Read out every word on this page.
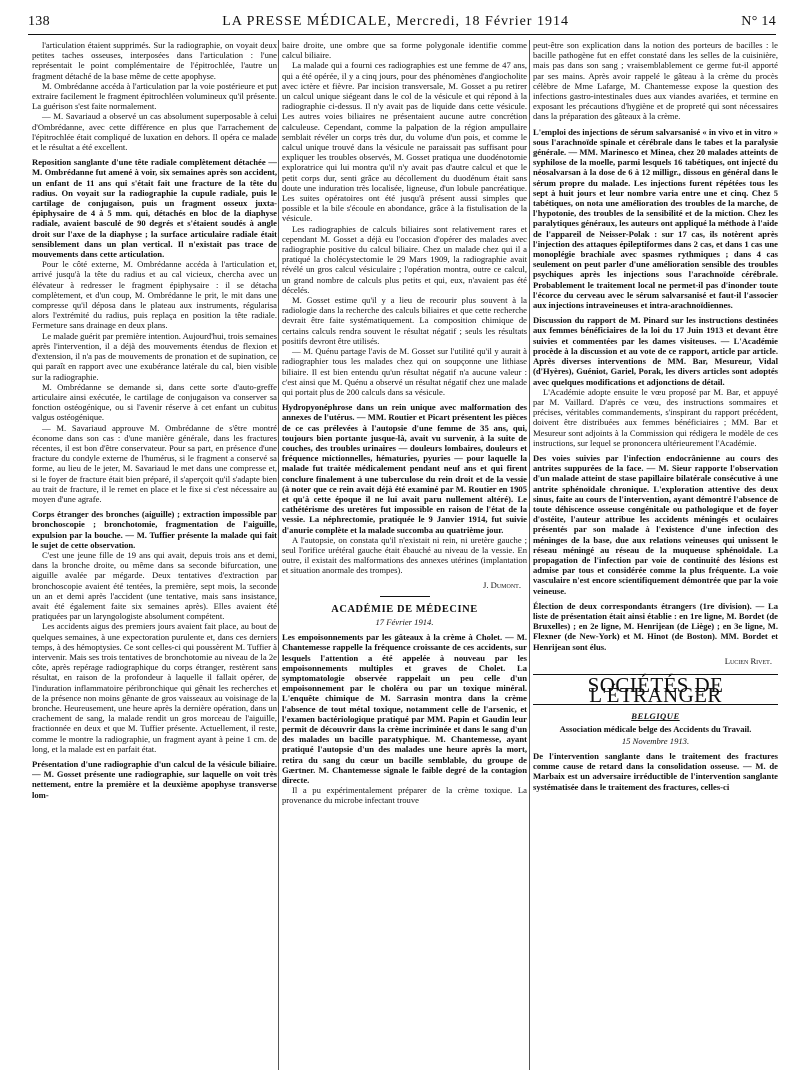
138	LA PRESSE MÉDICALE, Mercredi, 18 Février 1914	N° 14

l'articulation étaient supprimés. Sur la radiographie, on voyait deux petites taches osseuses, interposées dans l'articulation : l'une représentait le point complémentaire de l'épitrochlée, l'autre un fragment détaché de la base même de cette apophyse.

M. Ombrédanne accéda à l'articulation par la voie postérieure et put extraire facilement le fragment épitrochléen volumineux qu'il présente. La guérison s'est faite normalement.

— M. Savariaud a observé un cas absolument superposable à celui d'Ombrédanne, avec cette différence en plus que l'arrachement de l'épitrochlée était compliqué de luxation en dehors. Il opéra ce malade et le résultat a été excellent.

Reposition sanglante d'une tête radiale complètement détachée — M. Ombrédanne fut amené à voir, six semaines après son accident, un enfant de 11 ans qui s'était fait une fracture de la tête du radius. On voyait sur la radiographie la cupule radiale, puis le cartilage de conjugaison, puis un fragment osseux juxta-épiphysaire de 4 à 5 mm. qui, détachés en bloc de la diaphyse radiale, avaient basculé de 90 degrés et s'étaient soudés à angle droit sur l'axe de la diaphyse ; la surface articulaire radiale était sensiblement dans un plan vertical. Il n'existait pas trace de mouvements dans cette articulation.

Pour le côté externe, M. Ombrédanne accéda à l'articulation et, arrivé jusqu'à la tête du radius et au cal vicieux, chercha avec un élévateur à redresser le fragment épiphysaire : il se détacha complètement, et d'un coup, M. Ombrédanne le prit, le mit dans une compresse qu'il déposa dans le plateau aux instruments, régularisa alors l'extrémité du radius, puis replaça en position la tête radiale. Fermeture sans drainage en deux plans.

Le malade guérit par première intention. Aujourd'hui, trois semaines après l'intervention, il a déjà des mouvements étendus de flexion et d'extension, il n'a pas de mouvements de pronation et de supination, ce qui paraît en rapport avec une exubérance latérale du cal, bien visible sur la radiographie.

M. Ombrédanne se demande si, dans cette sorte d'auto-greffe articulaire ainsi exécutée, le cartilage de conjugaison va conserver sa fonction ostéogénique, ou si l'avenir réserve à cet enfant un cubitus valgus ostéogénique.

— M. Savariaud approuve M. Ombrédanne de s'être montré économe dans son cas : d'une manière générale, dans les fractures récentes, il est bon d'être conservateur. Pour sa part, en présence d'une fracture du condyle externe de l'humérus, si le fragment a conservé sa forme, au lieu de le jeter, M. Savariaud le met dans une compresse et, si le foyer de fracture était bien préparé, il s'aperçoit qu'il s'adapte bien au trait de fracture, il le remet en place et le fixe si c'est nécessaire au moyen d'une agrafe.

Corps étranger des bronches (aiguille) ; extraction impossible par bronchoscopie ; bronchotomie, fragmentation de l'aiguille, expulsion par la bouche. — M. Tuffier présente la malade qui fait le sujet de cette observation.

C'est une jeune fille de 19 ans qui avait, depuis trois ans et demi, dans la bronche droite, ou même dans sa seconde bifurcation, une aiguille avalée par mégarde. Deux tentatives d'extraction par bronchoscopie avaient été tentées, la première, sept mois, la seconde un an et demi après l'accident (une tentative, mais sans insistance, avait été également faite six semaines après). Elles avaient été pratiquées par un laryngologiste absolument compétent.

Les accidents aigus des premiers jours avaient fait place, au bout de quelques semaines, à une expectoration purulente et, dans ces derniers temps, à des hémoptysies. Ce sont celles-ci qui poussèrent M. Tuffier à intervenir. Mais ses trois tentatives de bronchotomie au niveau de la 2e côte, après repérage radiographique du corps étranger, restèrent sans résultat, en raison de la profondeur à laquelle il fallait opérer, de l'induration inflammatoire péribronchique qui gênait les recherches et de la présence non moins gênante de gros vaisseaux au voisinage de la bronche. Heureusement, une heure après la dernière opération, dans un crachement de sang, la malade rendit un gros morceau de l'aiguille, fractionnée en deux et que M. Tuffier présente. Actuellement, il reste, comme le montre la radiographie, un fragment ayant à peine 1 cm. de long, et la malade est en parfait état.

Présentation d'une radiographie d'un calcul de la vésicule biliaire. — M. Gosset présente une radiographie, sur laquelle on voit très nettement, entre la première et la deuxième apophyse transverse lom-

baire droite, une ombre que sa forme polygonale identifie comme calcul biliaire.

La malade qui a fourni ces radiographies est une femme de 47 ans, qui a été opérée, il y a cinq jours, pour des phénomènes d'angiocholite avec ictère et fièvre. Par incision transversale, M. Gosset a pu retirer un calcul unique siégeant dans le col de la vésicule et qui répond à la radiographie ci-dessus. Il n'y avait pas de liquide dans cette vésicule. Les autres voies biliaires ne présentaient aucune autre concrétion calculeuse. Cependant, comme la palpation de la région ampullaire semblait révéler un corps très dur, du volume d'un pois, et comme le calcul unique trouvé dans la vésicule ne paraissait pas suffisant pour expliquer les troubles observés, M. Gosset pratiqua une duodénotomie exploratrice qui lui montra qu'il n'y avait pas d'autre calcul et que le petit corps dur, senti grâce au décollement du duodénum était sans doute une induration très localisée, ligneuse, d'un lobule pancréatique. Les suites opératoires ont été jusqu'à présent aussi simples que possible et la bile s'écoule en abondance, grâce à la fistulisation de la vésicule.

Les radiographies de calculs biliaires sont relativement rares et cependant M. Gosset a déjà eu l'occasion d'opérer des malades avec radiographie positive du calcul biliaire. Chez un malade chez qui il a pratiqué la cholécystectomie le 29 Mars 1909, la radiographie avait révélé un gros calcul vésiculaire ; l'opération montra, outre ce calcul, un grand nombre de calculs plus petits et qui, eux, n'avaient pas été décelés.

M. Gosset estime qu'il y a lieu de recourir plus souvent à la radiologie dans la recherche des calculs biliaires et que cette recherche devrait être faite systématiquement. La composition chimique de certains calculs rendra souvent le résultat négatif ; seuls les résultats positifs devront être utilisés.

— M. Quénu partage l'avis de M. Gosset sur l'utilité qu'il y aurait à radiographier tous les malades chez qui on soupçonne une lithiase biliaire. Il est bien entendu qu'un résultat négatif n'a aucune valeur : c'est ainsi que M. Quénu a observé un résultat négatif chez une malade qui portait plus de 200 calculs dans sa vésicule.

Hydropyonéphrose dans un rein unique avec malformation des annexes de l'utérus. — MM. Routier et Picart présentent les pièces de ce cas prélevées à l'autopsie d'une femme de 35 ans, qui, toujours bien portante jusque-là, avait vu survenir, à la suite de couches, des troubles urinaires — douleurs lombaires, douleurs et fréquence mictionnelles, hématuries, pyuries — pour laquelle la malade fut traitée médicalement pendant neuf ans et qui firent conclure finalement à une tuberculose du rein droit et de la vessie (à noter que ce rein avait déjà été examiné par M. Routier en 1905 et qu'à cette époque il ne lui avait paru nullement altéré). Le cathétérisme des uretères fut impossible en raison de l'état de la vessie. La néphrectomie, pratiquée le 9 Janvier 1914, fut suivie d'anurie complète et la malade succomba au quatrième jour.

A l'autopsie, on constata qu'il n'existait ni rein, ni uretère gauche ; seul l'orifice urétéral gauche était ébauché au niveau de la vessie. En outre, il existait des malformations des annexes utérines (implantation et situation anormale des trompes).

J. Dumont.

ACADÉMIE DE MÉDECINE

17 Février 1914.

Les empoisonnements par les gâteaux à la crème à Cholet. — M. Chantemesse rappelle la fréquence croissante de ces accidents, sur lesquels l'attention a été appelée à nouveau par les empoisonnements multiples et graves de Cholet. La symptomatologie observée rappelait un peu celle d'un empoisonnement par le choléra ou par un toxique minéral. L'enquête chimique de M. Sarrasin montra dans la crème l'absence de tout métal toxique, notamment celle de l'arsenic, et l'examen bactériologique pratiqué par MM. Papin et Gaudin leur permit de découvrir dans la crème incriminée et dans le sang d'un des malades un bacille paratyphique. M. Chantemesse, ayant pratiqué l'autopsie d'un des malades une heure après la mort, retira du sang du cœur un bacille semblable, du groupe de Gærtner. M. Chantemesse signale le faible degré de la contagion directe.

Il a pu expérimentalement préparer de la crème toxique. La provenance du microbe infectant trouve

peut-être son explication dans la notion des porteurs de bacilles : le bacille pathogène fut en effet constaté dans les selles de la cuisinière, mais pas dans son sang ; vraisemblablement ce germe fut-il apporté par ses mains. Après avoir rappelé le gâteau à la crème du procès célèbre de Mme Lafarge, M. Chantemesse expose la question des infections gastro-intestinales dues aux viandes avariées, et termine en exposant les précautions d'hygiène et de propreté qui sont nécessaires dans la préparation des gâteaux à la crème.

L'emploi des injections de sérum salvarsanisé « in vivo et in vitro » sous l'arachnoïde spinale et cérébrale dans le tabes et la paralysie générale. — MM. Marinesco et Minea, chez 20 malades atteints de syphilose de la moelle, parmi lesquels 16 tabétiques, ont injecté du néosalvarsan à la dose de 6 à 12 milligr., dissous en général dans le sérum propre du malade. Les injections furent répétées tous les sept à huit jours et leur nombre varia entre une et cinq. Chez 5 tabétiques, on nota une amélioration des troubles de la marche, de l'hypotonie, des troubles de la sensibilité et de la miction. Chez les paralytiques généraux, les auteurs ont appliqué la méthode à l'aide de l'appareil de Neisser-Polak : sur 17 cas, ils notèrent après l'injection des attaques épileptiformes dans 2 cas, et dans 1 cas une monoplégie brachiale avec spasmes rythmiques ; dans 4 cas seulement on peut parler d'une amélioration sensible des troubles psychiques après les injections sous l'arachnoïde cérébrale. Probablement le traitement local ne permet-il pas d'inonder toute l'écorce du cerveau avec le sérum salvarsanisé et faut-il l'associer aux injections intraveineuses et intra-arachnoïdiennes.

Discussion du rapport de M. Pinard sur les instructions destinées aux femmes bénéficiaires de la loi du 17 Juin 1913 et devant être suivies et commentées par les dames visiteuses. — L'Académie procède à la discussion et au vote de ce rapport, article par article. Après diverses interventions de MM. Bar, Mesureur, Vidal (d'Hyères), Guéniot, Gariel, Porak, les divers articles sont adoptés avec quelques modifications et adjonctions de détail.

L'Académie adopte ensuite le vœu proposé par M. Bar, et appuyé par M. Vaillard. D'après ce vœu, des instructions sommaires et précises, véritables commandements, s'inspirant du rapport précédent, doivent être distribuées aux femmes bénéficiaires ; MM. Bar et Mesureur sont adjoints à la Commission qui rédigera le modèle de ces instructions, sur lequel se prononcera ultérieurement l'Académie.

Des voies suivies par l'infection endocrânienne au cours des antrites suppurées de la face. — M. Sieur rapporte l'observation d'un malade atteint de stase papillaire bilatérale consécutive à une antrite sphénoïdale chronique. L'exploration attentive des deux sinus, faite au cours de l'intervention, ayant démontré l'absence de toute déhiscence osseuse congénitale ou pathologique et de foyer d'ostéite, l'auteur attribue les accidents méningés et oculaires présentés par son malade à l'existence d'une infection des méninges de la base, due aux relations veineuses qui unissent le réseau méningé au réseau de la muqueuse sphénoïdale. La propagation de l'infection par voie de continuité des lésions est admise par tous et considérée comme la plus fréquente. La voie vasculaire n'est encore scientifiquement démontrée que par la voie veineuse.

Élection de deux correspondants étrangers (1re division). — La liste de présentation était ainsi établie : en 1re ligne, M. Bordet (de Bruxelles) ; en 2e ligne, M. Henrijean (de Liège) ; en 3e ligne, M. Flexner (de New-York) et M. Hinot (de Boston). MM. Bordet et Henrijean sont élus.

Lucien Rivet.

SOCIÉTÉS DE L'ÉTRANGER

BELGIQUE

Association médicale belge des Accidents du Travail.

15 Novembre 1913.

De l'intervention sanglante dans le traitement des fractures comme cause de retard dans la consolidation osseuse. — M. de Marbaix est un adversaire irréductible de l'intervention sanglante systématisée dans le traitement des fractures, celles-ci
